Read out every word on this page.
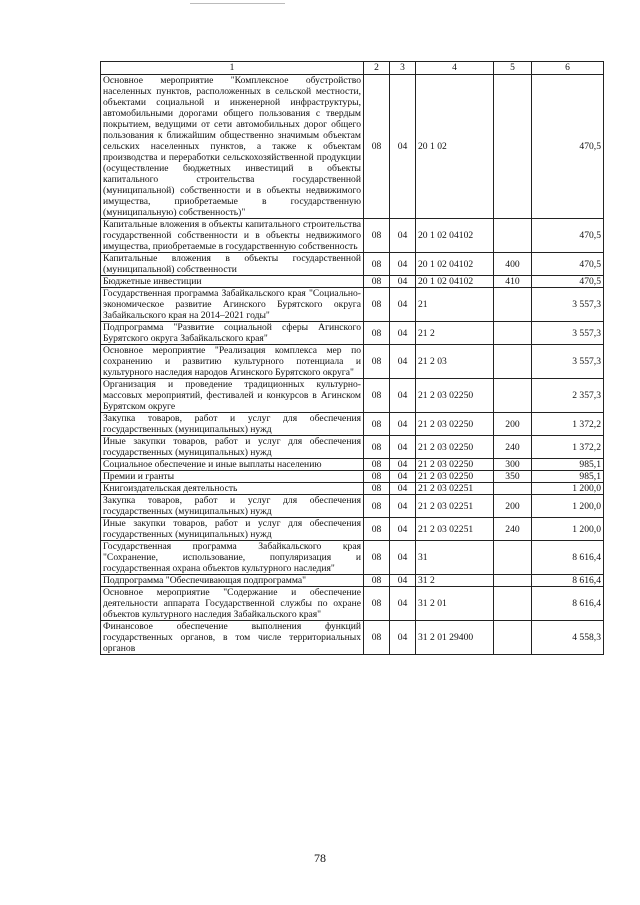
1	2	3	4	5	6
Основное мероприятие "Комплексное обустройство населенных пунктов, расположенных в сельской местности, объектами социальной и инженерной инфраструктуры, автомобильными дорогами общего пользования с твердым покрытием, ведущими от сети автомобильных дорог общего пользования к ближайшим общественно значимым объектам сельских населенных пунктов, а также к объектам производства и переработки сельскохозяйственной продукции (осуществление бюджетных инвестиций в объекты капитального строительства государственной (муниципальной) собственности и в объекты недвижимого имущества, приобретаемые в государственную (муниципальную) собственность)"	08	04	20 1 02		470,5
Капитальные вложения в объекты капитального строительства государственной собственности и в объекты недвижимого имущества, приобретаемые в государственную собственность	08	04	20 1 02 04102		470,5
Капитальные вложения в объекты государственной (муниципальной) собственности	08	04	20 1 02 04102	400	470,5
Бюджетные инвестиции	08	04	20 1 02 04102	410	470,5
Государственная программа Забайкальского края "Социально-экономическое развитие Агинского Бурятского округа Забайкальского края на 2014–2021 годы"	08	04	21		3 557,3
Подпрограмма "Развитие социальной сферы Агинского Бурятского округа Забайкальского края"	08	04	21 2		3 557,3
Основное мероприятие "Реализация комплекса мер по сохранению и развитию культурного потенциала и культурного наследия народов Агинского Бурятского округа"	08	04	21 2 03		3 557,3
Организация и проведение традиционных культурно-массовых мероприятий, фестивалей и конкурсов в Агинском Бурятском округе	08	04	21 2 03 02250		2 357,3
Закупка товаров, работ и услуг для обеспечения государственных (муниципальных) нужд	08	04	21 2 03 02250	200	1 372,2
Иные закупки товаров, работ и услуг для обеспечения государственных (муниципальных) нужд	08	04	21 2 03 02250	240	1 372,2
Социальное обеспечение и иные выплаты населению	08	04	21 2 03 02250	300	985,1
Премии и гранты	08	04	21 2 03 02250	350	985,1
Книгоиздательская деятельность	08	04	21 2 03 02251		1 200,0
Закупка товаров, работ и услуг для обеспечения государственных (муниципальных) нужд	08	04	21 2 03 02251	200	1 200,0
Иные закупки товаров, работ и услуг для обеспечения государственных (муниципальных) нужд	08	04	21 2 03 02251	240	1 200,0
Государственная программа Забайкальского края "Сохранение, использование, популяризация и государственная охрана объектов культурного наследия"	08	04	31		8 616,4
Подпрограмма "Обеспечивающая подпрограмма"	08	04	31 2		8 616,4
Основное мероприятие "Содержание и обеспечение деятельности аппарата Государственной службы по охране объектов культурного наследия Забайкальского края"	08	04	31 2 01		8 616,4
Финансовое обеспечение выполнения функций государственных органов, в том числе территориальных органов	08	04	31 2 01 29400		4 558,3
78
